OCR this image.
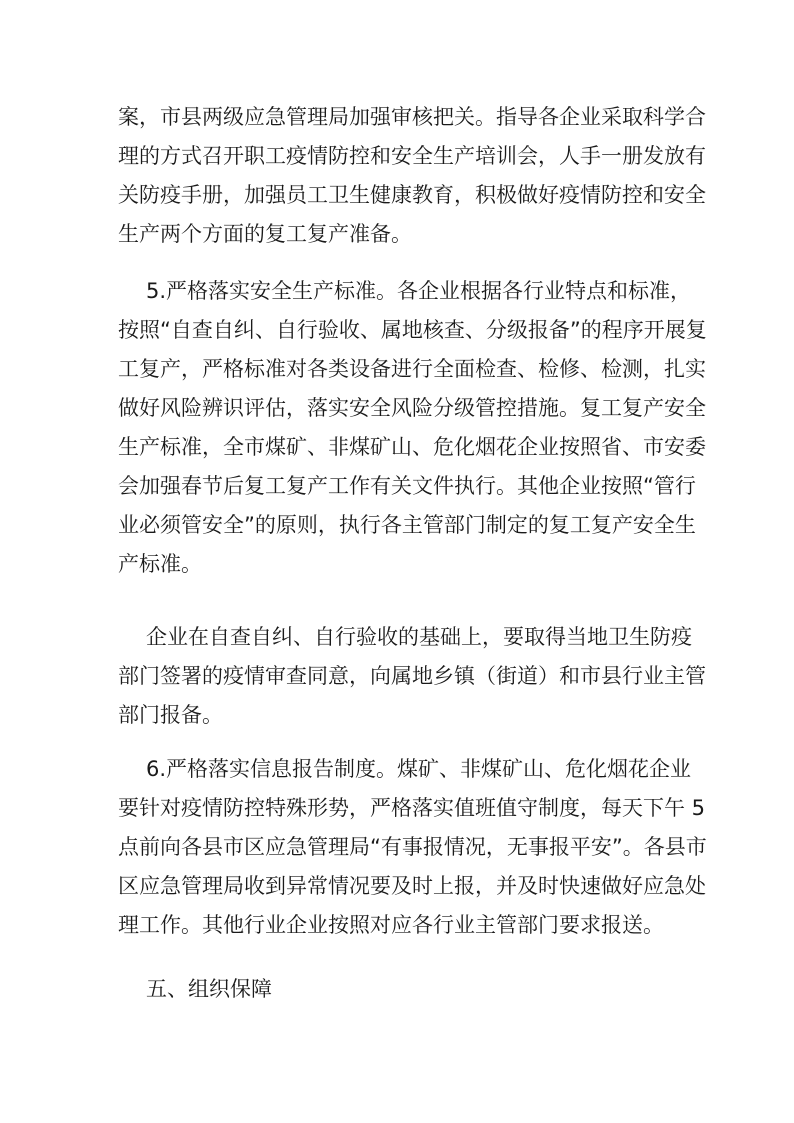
案，市县两级应急管理局加强审核把关。指导各企业采取科学合
理的方式召开职工疫情防控和安全生产培训会，人手一册发放有
关防疫手册，加强员工卫生健康教育，积极做好疫情防控和安全
生产两个方面的复工复产准备。
5.严格落实安全生产标准。各企业根据各行业特点和标准，
按照“自查自纠、自行验收、属地核查、分级报备”的程序开展复
工复产，严格标准对各类设备进行全面检查、检修、检测，扎实
做好风险辨识评估，落实安全风险分级管控措施。复工复产安全
生产标准，全市煤矿、非煤矿山、危化烟花企业按照省、市安委
会加强春节后复工复产工作有关文件执行。其他企业按照“管行
业必须管安全”的原则，执行各主管部门制定的复工复产安全生
产标准。
企业在自查自纠、自行验收的基础上，要取得当地卫生防疫
部门签署的疫情审查同意，向属地乡镇（街道）和市县行业主管
部门报备。
6.严格落实信息报告制度。煤矿、非煤矿山、危化烟花企业
要针对疫情防控特殊形势，严格落实值班值守制度，每天下午 5
点前向各县市区应急管理局“有事报情况，无事报平安”。各县市
区应急管理局收到异常情况要及时上报，并及时快速做好应急处
理工作。其他行业企业按照对应各行业主管部门要求报送。
五、组织保障
